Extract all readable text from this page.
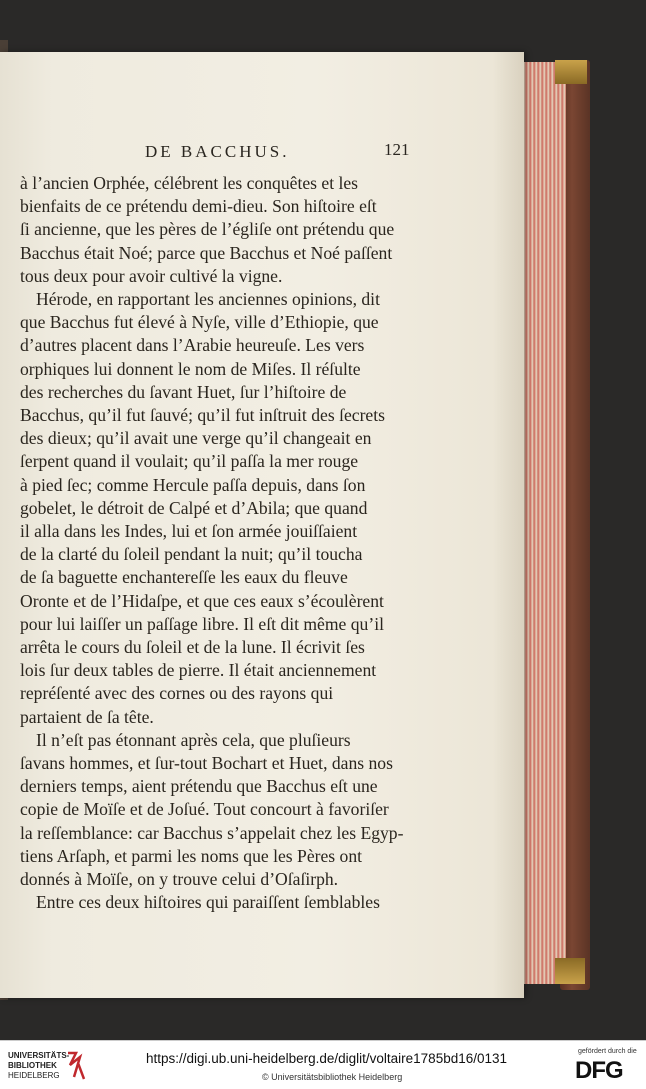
DE BACCHUS.	121

à l’ancien Orphée, célébrent les conquêtes et les

bienfaits de ce prétendu demi-dieu. Son hiſtoire eſt

ſi ancienne, que les pères de l’égliſe ont prétendu que

Bacchus était Noé; parce que Bacchus et Noé paſſent

tous deux pour avoir cultivé la vigne.

Hérode, en rapportant les anciennes opinions, dit

que Bacchus fut élevé à Nyſe, ville d’Ethiopie, que

d’autres placent dans l’Arabie heureuſe. Les vers

orphiques lui donnent le nom de Miſes. Il réſulte

des recherches du ſavant Huet, ſur l’hiſtoire de

Bacchus, qu’il fut ſauvé; qu’il fut inſtruit des ſecrets

des dieux; qu’il avait une verge qu’il changeait en

ſerpent quand il voulait; qu’il paſſa la mer rouge

à pied ſec; comme Hercule paſſa depuis, dans ſon

gobelet, le détroit de Calpé et d’Abila; que quand

il alla dans les Indes, lui et ſon armée jouiſſaient

de la clarté du ſoleil pendant la nuit; qu’il toucha

de ſa baguette enchantereſſe les eaux du fleuve

Oronte et de l’Hidaſpe, et que ces eaux s’écoulèrent

pour lui laiſſer un paſſage libre. Il eſt dit même qu’il

arrêta le cours du ſoleil et de la lune. Il écrivit ſes

lois ſur deux tables de pierre. Il était anciennement

repréſenté avec des cornes ou des rayons qui

partaient de ſa tête.

Il n’eſt pas étonnant après cela, que pluſieurs

ſavans hommes, et ſur-tout Bochart et Huet, dans nos

derniers temps, aient prétendu que Bacchus eſt une

copie de Moïſe et de Joſué. Tout concourt à favoriſer

la reſſemblance: car Bacchus s’appelait chez les Egyp-

tiens Arſaph, et parmi les noms que les Pères ont

donnés à Moïſe, on y trouve celui d’Oſaſirph.

Entre ces deux hiſtoires qui paraiſſent ſemblables

UNIVERSITÄTS-
BIBLIOTHEK
HEIDELBERG
https://digi.ub.uni-heidelberg.de/diglit/voltaire1785bd16/0131
© Universitätsbibliothek Heidelberg
gefördert durch die
DFG
